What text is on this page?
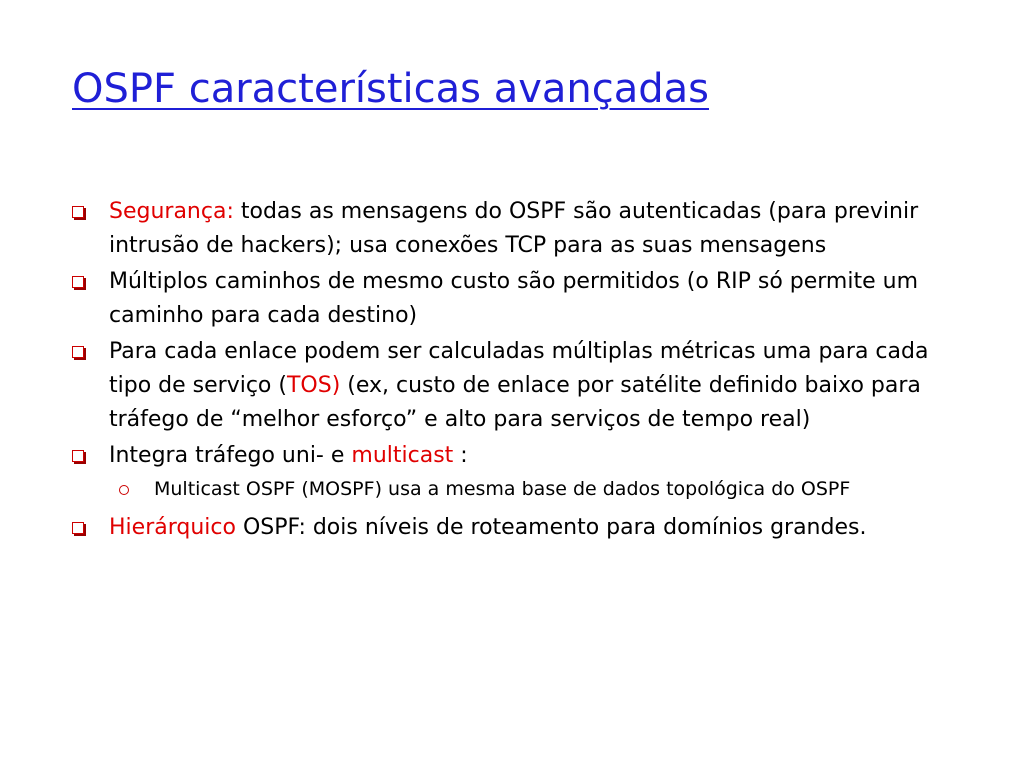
OSPF características avançadas
Segurança: todas as mensagens do OSPF são autenticadas (para previnir intrusão de hackers); usa conexões TCP para as suas mensagens
Múltiplos caminhos de mesmo custo são permitidos (o RIP só permite um caminho para cada destino)
Para cada enlace podem ser calculadas múltiplas métricas uma para cada tipo de serviço (TOS) (ex, custo de enlace por satélite definido baixo para tráfego de “melhor esforço” e alto para serviços de tempo real)
Integra tráfego uni- e multicast :
Multicast OSPF (MOSPF) usa a mesma base de dados topológica do OSPF
Hierárquico OSPF: dois níveis de roteamento para domínios grandes.
